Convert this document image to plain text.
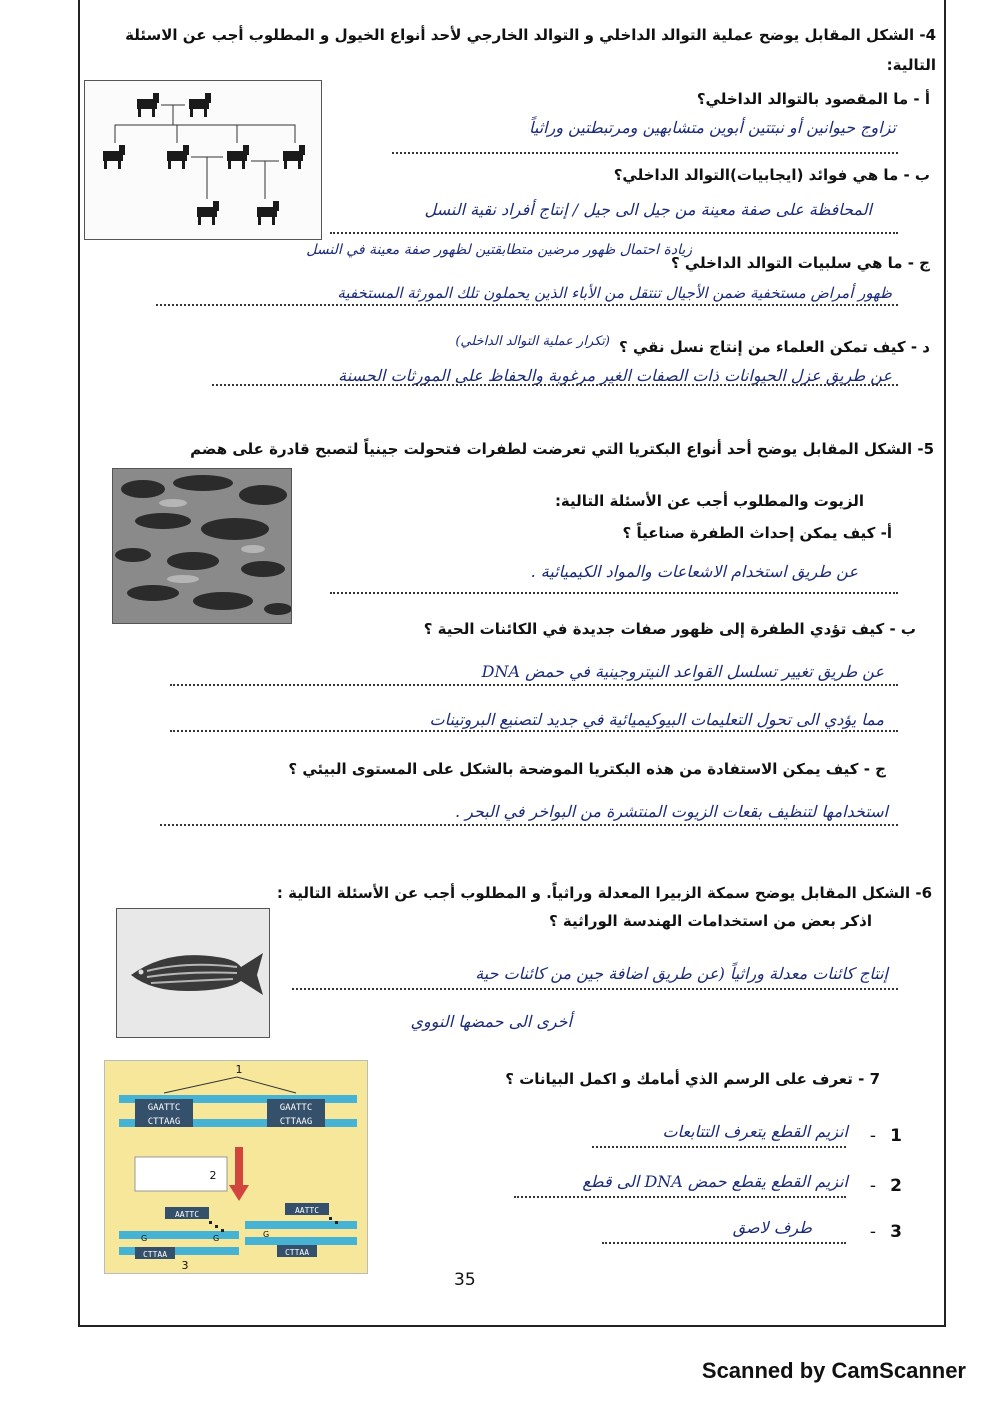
4- الشكل المقابل يوضح عملية التوالد الداخلي و التوالد الخارجي لأحد أنواع الخيول و المطلوب أجب عن الاسئلة
التالية:
أ - ما المقصود بالتوالد الداخلي؟
تزاوج حيوانين أو نبتتين أبوين متشابهين ومرتبطتين وراثياً
ب - ما هي فوائد (ايجابيات)التوالد الداخلي؟
المحافظة على صفة معينة من جيل الى جيل / إنتاج أفراد نقية النسل
زيادة احتمال ظهور مرضين متطابقتين لظهور صفة معينة في النسل
ج - ما هي سلبيات التوالد الداخلي ؟
ظهور أمراض مستخفية ضمن الأجيال تنتقل من الأباء الذين يحملون تلك المورثة المستخفية
د - كيف تمكن العلماء من إنتاج نسل نقي ؟
(تكرار عملية التوالد الداخلي)
عن طريق عزل الحيوانات ذات الصفات الغير مرغوبة والحفاظ على المورثات الحسنة
5- الشكل المقابل يوضح أحد أنواع البكتريا التي تعرضت لطفرات فتحولت جينياً لتصبح قادرة على هضم
الزيوت والمطلوب أجب عن الأسئلة التالية:
أ- كيف يمكن إحداث الطفرة صناعياً ؟
عن طريق استخدام الاشعاعات والمواد الكيميائية .
ب - كيف تؤدي الطفرة إلى ظهور صفات جديدة في الكائنات الحية ؟
عن طريق تغيير تسلسل القواعد النيتروجينية في حمض DNA
مما يؤدي الى تحول التعليمات البيوكيميائية في جديد لتصنيع البروتينات
ج - كيف يمكن الاستفادة من هذه البكتريا الموضحة بالشكل على المستوى البيئي ؟
استخدامها لتنظيف بقعات الزيوت المنتشرة من البواخر في البحر .
6- الشكل المقابل يوضح سمكة الزبيرا المعدلة وراثياً. و المطلوب أجب عن الأسئلة التالية :
اذكر بعض من استخدامات الهندسة الوراثية ؟
إنتاج كائنات معدلة وراثياً (عن طريق اضافة جين من كائنات حية
أخرى الى حمضها النووي
7 - تعرف على الرسم الذي أمامك و اكمل البيانات ؟
GAATTC
CTTAAG
GAATTC
CTTAAG
1
2
AATTC	AATTC
CTTAA	CTTAA
G	G	G
3
1
-
انزيم القطع يتعرف التتابعات
2
-
انزيم القطع يقطع حمض DNA الى قطع
3
-
طرف لاصق
35
Scanned by CamScanner
